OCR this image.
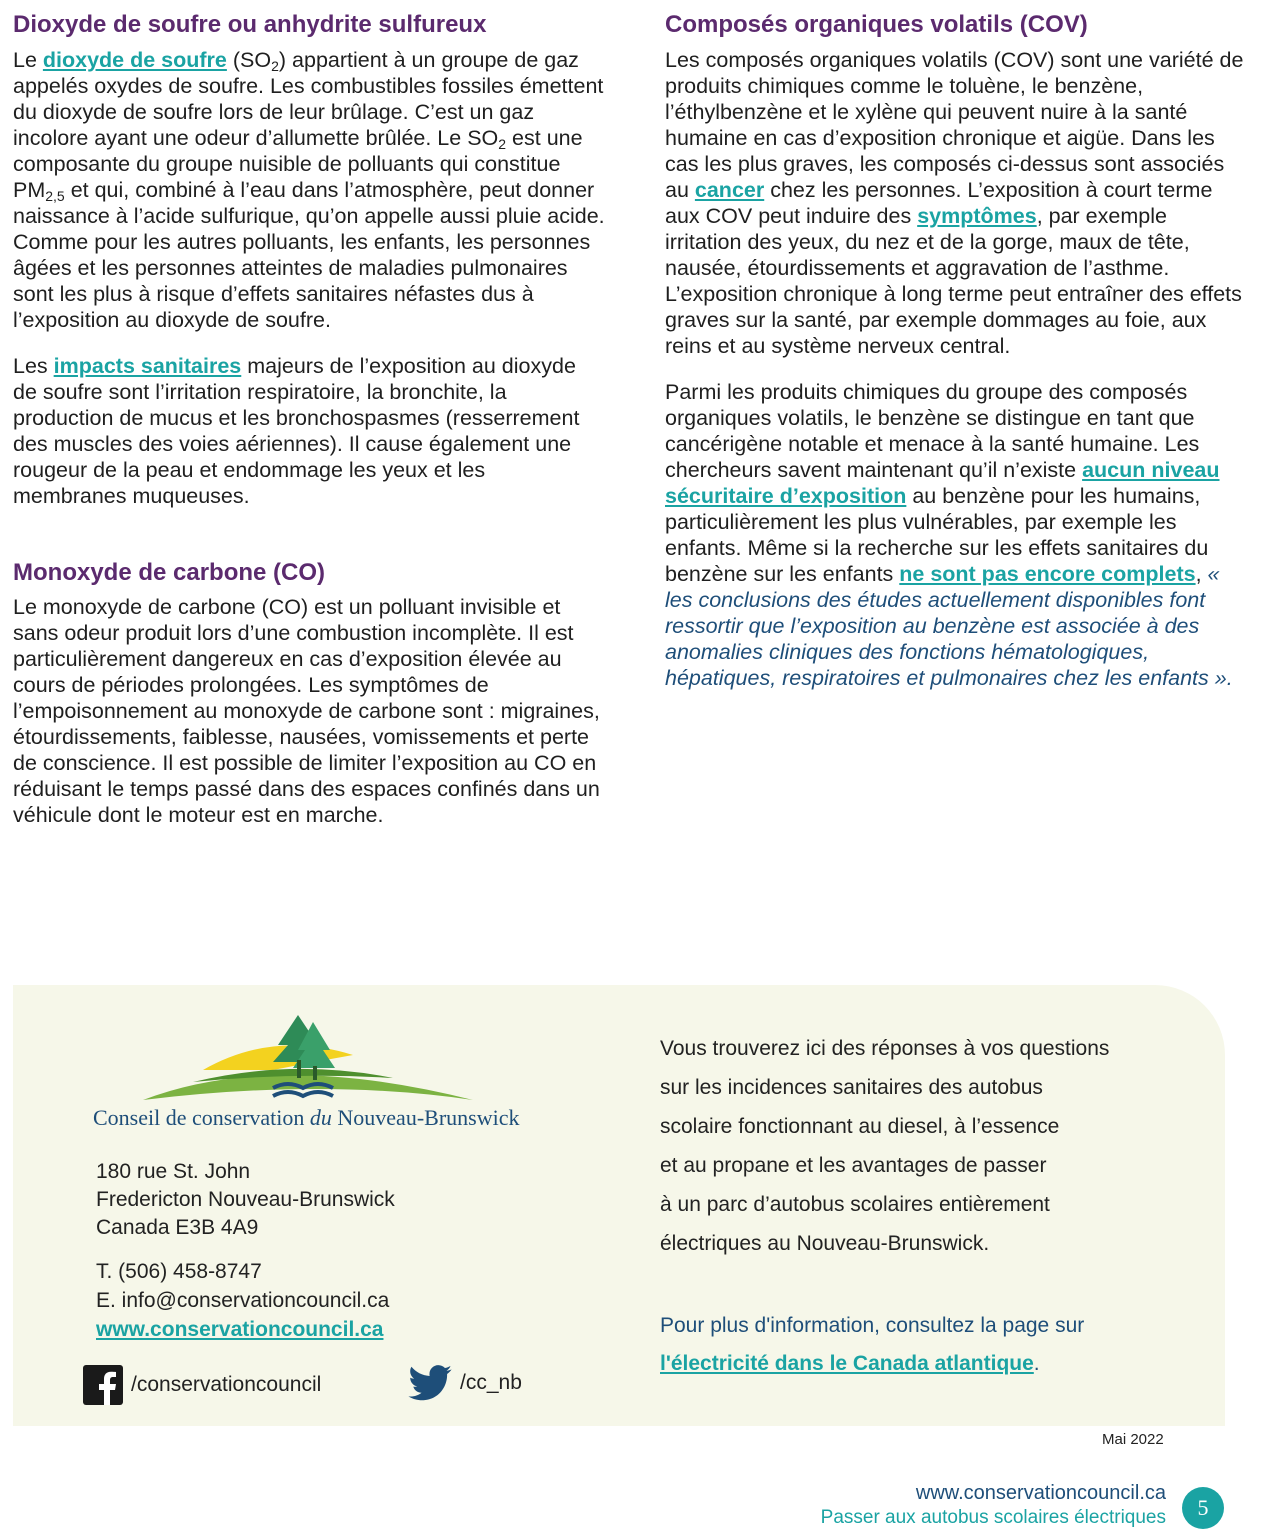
Dioxyde de soufre ou anhydrite sulfureux

Le dioxyde de soufre $(SO_2)$ appartient à un groupe de gaz appelés oxydes de soufre. Les combustibles fossiles émettent du dioxyde de soufre lors de leur brûlage. C’est un gaz incolore ayant une odeur d’allumette brûlée. Le $SO_2$ est une composante du groupe nuisible de polluants qui constitue $PM_{2,5}$ et qui, combiné à l’eau dans l’atmosphère, peut donner naissance à l’acide sulfurique, qu’on appelle aussi pluie acide. Comme pour les autres polluants, les enfants, les personnes âgées et les personnes atteintes de maladies pulmonaires sont les plus à risque d’effets sanitaires néfastes dus à l’exposition au dioxyde de soufre.

Les impacts sanitaires majeurs de l’exposition au dioxyde de soufre sont l’irritation respiratoire, la bronchite, la production de mucus et les bronchospasmes (resserrement des muscles des voies aériennes). Il cause également une rougeur de la peau et endommage les yeux et les membranes muqueuses.

Monoxyde de carbone (CO)

Le monoxyde de carbone (CO) est un polluant invisible et sans odeur produit lors d’une combustion incomplète. Il est particulièrement dangereux en cas d’exposition élevée au cours de périodes prolongées. Les symptômes de l’empoisonnement au monoxyde de carbone sont : migraines, étourdissements, faiblesse, nausées, vomissements et perte de conscience. Il est possible de limiter l’exposition au CO en réduisant le temps passé dans des espaces confinés dans un véhicule dont le moteur est en marche.

Composés organiques volatils (COV)

Les composés organiques volatils (COV) sont une variété de produits chimiques comme le toluène, le benzène, l’éthylbenzène et le xylène qui peuvent nuire à la santé humaine en cas d’exposition chronique et aigüe. Dans les cas les plus graves, les composés ci-dessus sont associés au cancer chez les personnes. L’exposition à court terme aux COV peut induire des symptômes, par exemple irritation des yeux, du nez et de la gorge, maux de tête, nausée, étourdissements et aggravation de l’asthme. L’exposition chronique à long terme peut entraîner des effets graves sur la santé, par exemple dommages au foie, aux reins et au système nerveux central.

Parmi les produits chimiques du groupe des composés organiques volatils, le benzène se distingue en tant que cancérigène notable et menace à la santé humaine. Les chercheurs savent maintenant qu’il n’existe aucun niveau sécuritaire d’exposition au benzène pour les humains, particulièrement les plus vulnérables, par exemple les enfants. Même si la recherche sur les effets sanitaires du benzène sur les enfants ne sont pas encore complets, « les conclusions des études actuellement disponibles font ressortir que l’exposition au benzène est associée à des anomalies cliniques des fonctions hématologiques, hépatiques, respiratoires et pulmonaires chez les enfants ».

Conseil de conservation du Nouveau-Brunswick
180 rue St. John
Fredericton Nouveau-Brunswick
Canada E3B 4A9
T. (506) 458-8747
E. info@conservationcouncil.ca
www.conservationcouncil.ca
/conservationcouncil	/cc_nb
Vous trouverez ici des réponses à vos questions
sur les incidences sanitaires des autobus
scolaire fonctionnant au diesel, à l’essence
et au propane et les avantages de passer
à un parc d’autobus scolaires entièrement
électriques au Nouveau-Brunswick.
Pour plus d'information, consultez la page sur
l'électricité dans le Canada atlantique.
Mai 2022
www.conservationcouncil.ca
Passer aux autobus scolaires électriques	5
